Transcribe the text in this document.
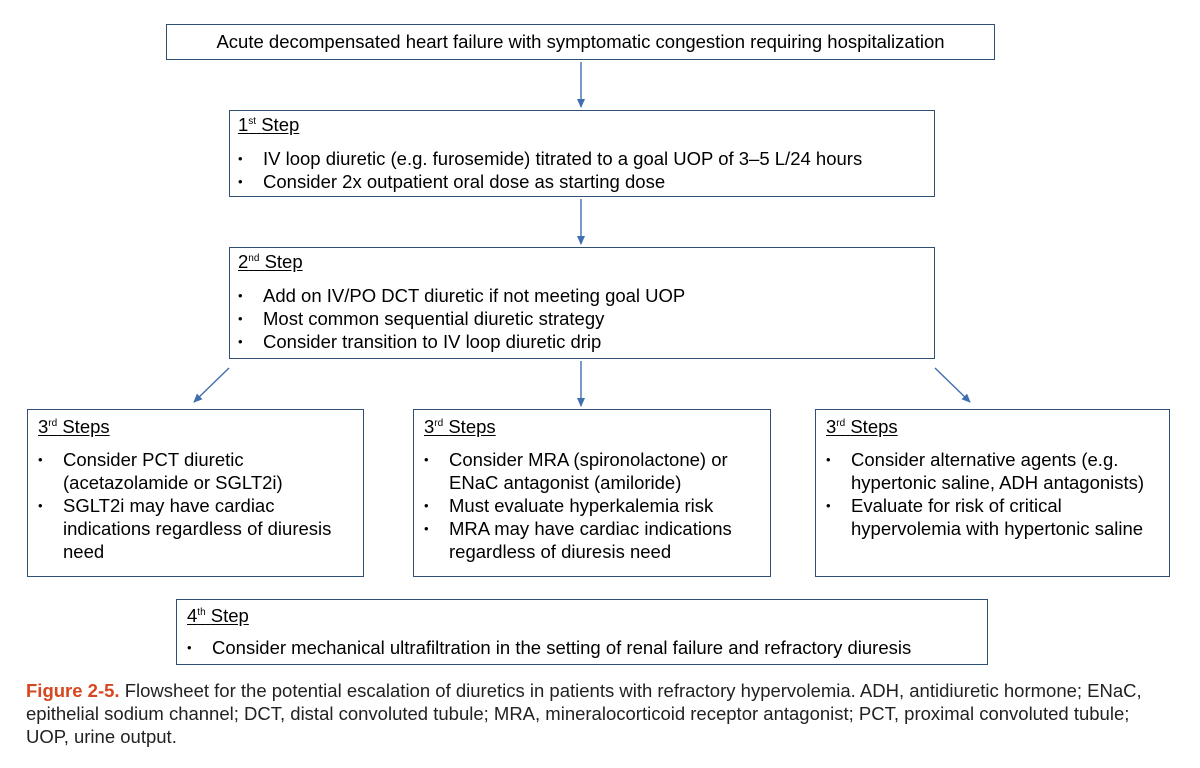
Acute decompensated heart failure with symptomatic congestion requiring hospitalization
1st Step
• IV loop diuretic (e.g. furosemide) titrated to a goal UOP of 3–5 L/24 hours
• Consider 2x outpatient oral dose as starting dose
2nd Step
• Add on IV/PO DCT diuretic if not meeting goal UOP
• Most common sequential diuretic strategy
• Consider transition to IV loop diuretic drip
3rd Steps
• Consider PCT diuretic (acetazolamide or SGLT2i)
• SGLT2i may have cardiac indications regardless of diuresis need
3rd Steps
• Consider MRA (spironolactone) or ENaC antagonist (amiloride)
• Must evaluate hyperkalemia risk
• MRA may have cardiac indications regardless of diuresis need
3rd Steps
• Consider alternative agents (e.g. hypertonic saline, ADH antagonists)
• Evaluate for risk of critical hypervolemia with hypertonic saline
4th Step
• Consider mechanical ultrafiltration in the setting of renal failure and refractory diuresis
Figure 2-5. Flowsheet for the potential escalation of diuretics in patients with refractory hypervolemia. ADH, antidiuretic hormone; ENaC, epithelial sodium channel; DCT, distal convoluted tubule; MRA, mineralocorticoid receptor antagonist; PCT, proximal convoluted tubule; UOP, urine output.
